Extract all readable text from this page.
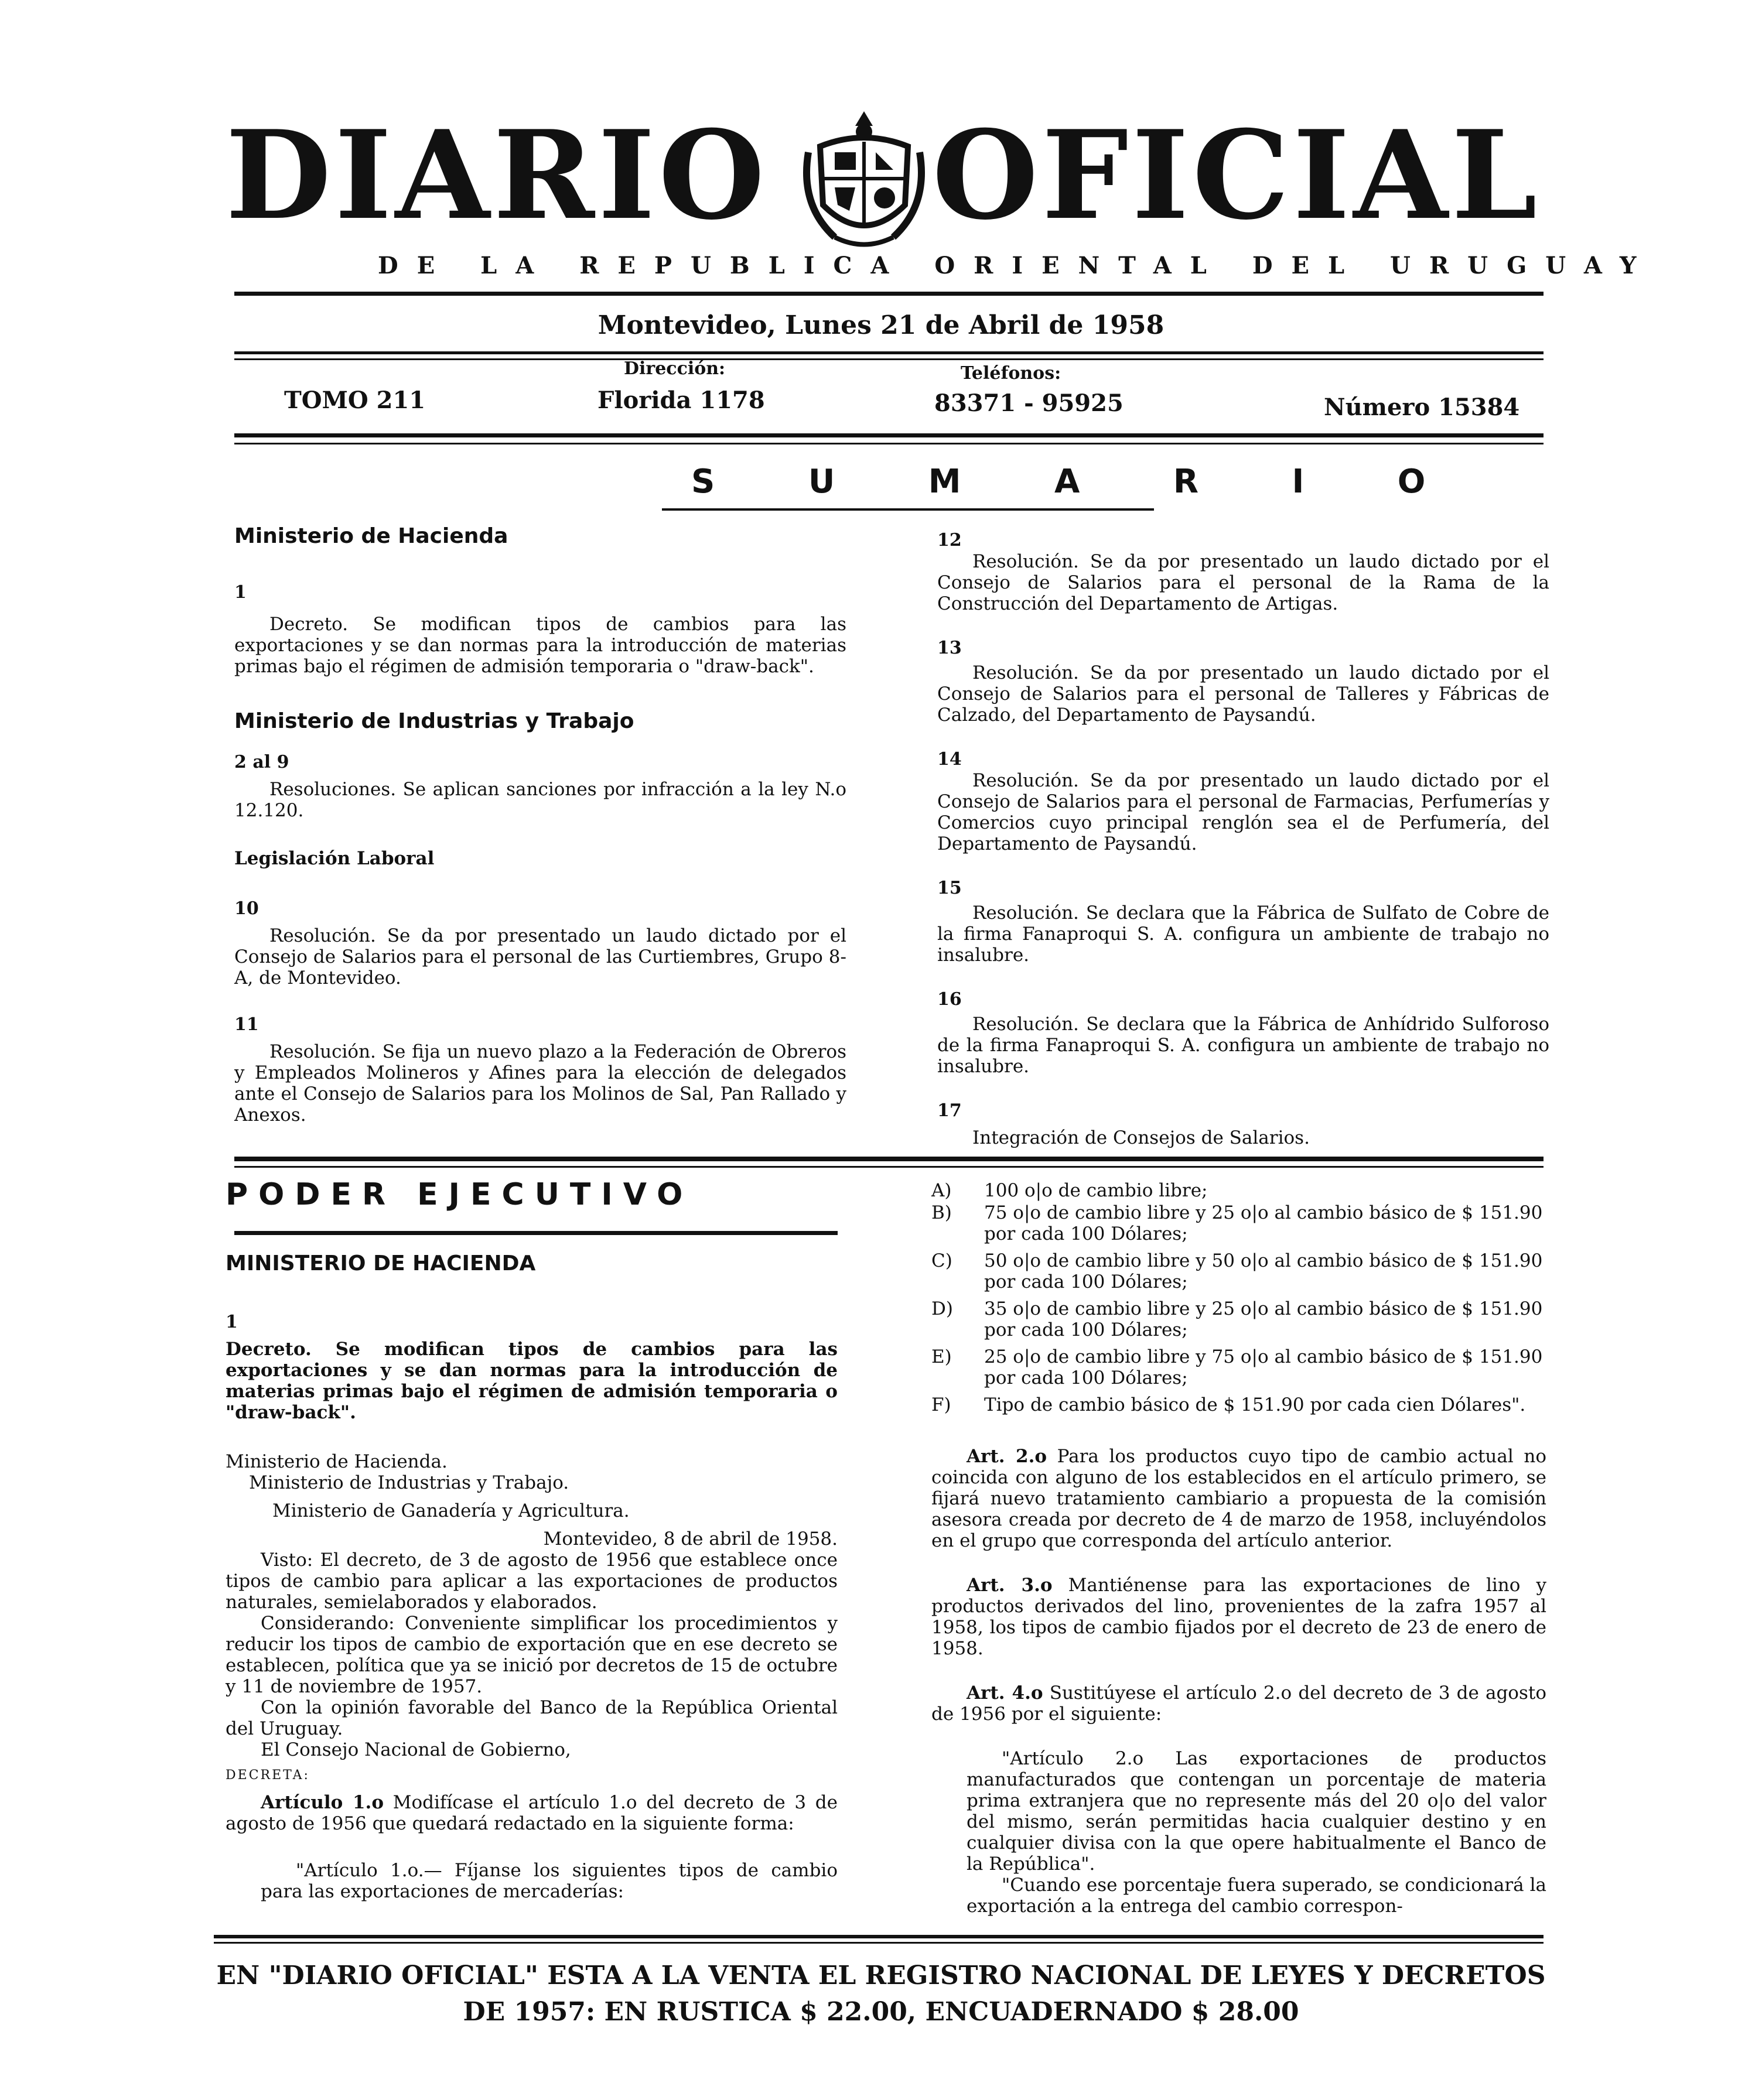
DIARIO OFICIAL
DE LA REPUBLICA ORIENTAL DEL URUGUAY
Montevideo, Lunes 21 de Abril de 1958
Dirección:	Teléfonos:
TOMO 211	Florida 1178	83371 - 95925	Número 15384
S U M A R I O

Ministerio de Hacienda

1

Decreto. Se modifican tipos de cambios para las exportaciones y se dan normas para la introducción de materias primas bajo el régimen de admisión temporaria o "draw-back".

Ministerio de Industrias y Trabajo

2 al 9

Resoluciones. Se aplican sanciones por infracción a la ley N.o 12.120.

Legislación Laboral

10

Resolución. Se da por presentado un laudo dictado por el Consejo de Salarios para el personal de las Curtiembres, Grupo 8-A, de Montevideo.

11

Resolución. Se fija un nuevo plazo a la Federación de Obreros y Empleados Molineros y Afines para la elección de delegados ante el Consejo de Salarios para los Molinos de Sal, Pan Rallado y Anexos.

12

Resolución. Se da por presentado un laudo dictado por el Consejo de Salarios para el personal de la Rama de la Construcción del Departamento de Artigas.

13

Resolución. Se da por presentado un laudo dictado por el Consejo de Salarios para el personal de Talleres y Fábricas de Calzado, del Departamento de Paysandú.

14

Resolución. Se da por presentado un laudo dictado por el Consejo de Salarios para el personal de Farmacias, Perfumerías y Comercios cuyo principal renglón sea el de Perfumería, del Departamento de Paysandú.

15

Resolución. Se declara que la Fábrica de Sulfato de Cobre de la firma Fanaproqui S. A. configura un ambiente de trabajo no insalubre.

16

Resolución. Se declara que la Fábrica de Anhídrido Sulforoso de la firma Fanaproqui S. A. configura un ambiente de trabajo no insalubre.

17

Integración de Consejos de Salarios.

PODER EJECUTIVO

MINISTERIO DE HACIENDA

1

Decreto. Se modifican tipos de cambios para las exportaciones y se dan normas para la introducción de materias primas bajo el régimen de admisión temporaria o "draw-back".

Ministerio de Hacienda.

Ministerio de Industrias y Trabajo.

Ministerio de Ganadería y Agricultura.

Montevideo, 8 de abril de 1958.

Visto: El decreto, de 3 de agosto de 1956 que establece once tipos de cambio para aplicar a las exportaciones de productos naturales, semielaborados y elaborados.

Considerando: Conveniente simplificar los procedimientos y reducir los tipos de cambio de exportación que en ese decreto se establecen, política que ya se inició por decretos de 15 de octubre y 11 de noviembre de 1957.

Con la opinión favorable del Banco de la República Oriental del Uruguay.

El Consejo Nacional de Gobierno,

DECRETA:

Artículo 1.o Modifícase el artículo 1.o del decreto de 3 de agosto de 1956 que quedará redactado en la siguiente forma:

"Artículo 1.o.— Fíjanse los siguientes tipos de cambio para las exportaciones de mercaderías:

A)	100 o|o de cambio libre;
B)	75 o|o de cambio libre y 25 o|o al cambio básico de $ 151.90 por cada 100 Dólares;
C)	50 o|o de cambio libre y 50 o|o al cambio básico de $ 151.90 por cada 100 Dólares;
D)	35 o|o de cambio libre y 25 o|o al cambio básico de $ 151.90 por cada 100 Dólares;
E)	25 o|o de cambio libre y 75 o|o al cambio básico de $ 151.90 por cada 100 Dólares;
F)	Tipo de cambio básico de $ 151.90 por cada cien Dólares".

Art. 2.o Para los productos cuyo tipo de cambio actual no coincida con alguno de los establecidos en el artículo primero, se fijará nuevo tratamiento cambiario a propuesta de la comisión asesora creada por decreto de 4 de marzo de 1958, incluyéndolos en el grupo que corresponda del artículo anterior.

Art. 3.o Mantiénense para las exportaciones de lino y productos derivados del lino, provenientes de la zafra 1957 al 1958, los tipos de cambio fijados por el decreto de 23 de enero de 1958.

Art. 4.o Sustitúyese el artículo 2.o del decreto de 3 de agosto de 1956 por el siguiente:

"Artículo 2.o Las exportaciones de productos manufacturados que contengan un porcentaje de materia prima extranjera que no represente más del 20 o|o del valor del mismo, serán permitidas hacia cualquier destino y en cualquier divisa con la que opere habitualmente el Banco de la República".

"Cuando ese porcentaje fuera superado, se condicionará la exportación a la entrega del cambio correspon-

EN "DIARIO OFICIAL" ESTA A LA VENTA EL REGISTRO NACIONAL DE LEYES Y DECRETOS
DE 1957: EN RUSTICA $ 22.00, ENCUADERNADO $ 28.00
